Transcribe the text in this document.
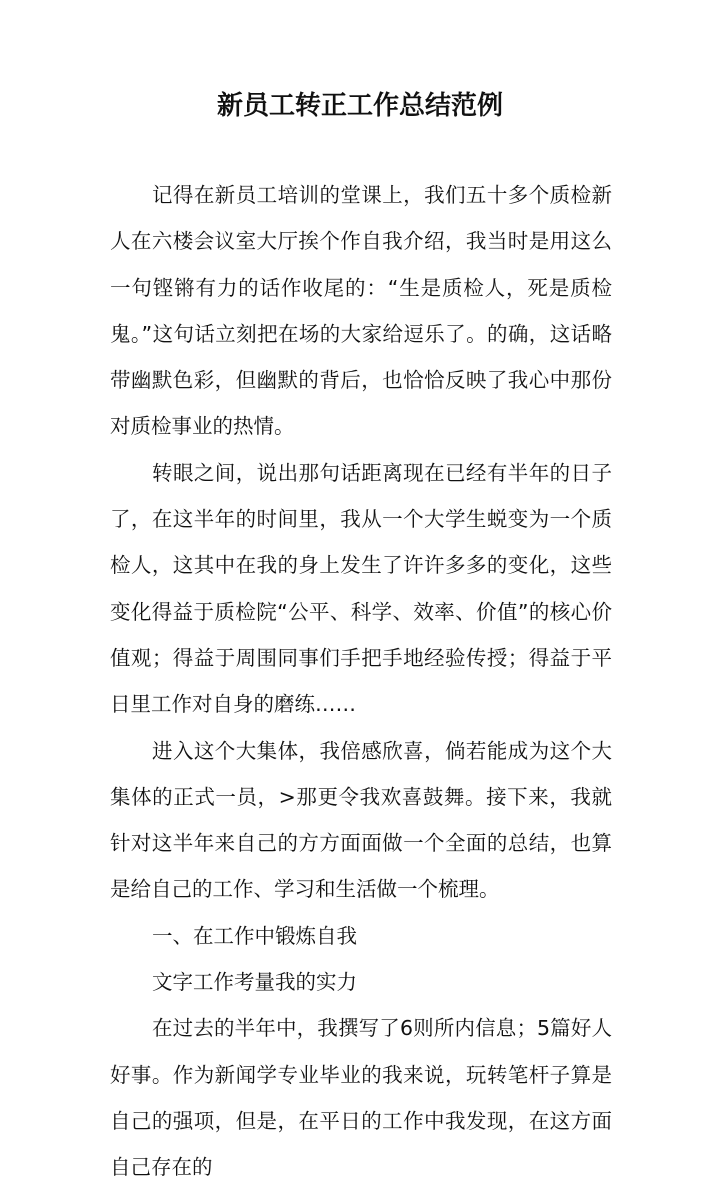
新员工转正工作总结范例

记得在新员工培训的堂课上，我们五十多个质检新人在六楼会议室大厅挨个作自我介绍，我当时是用这么一句铿锵有力的话作收尾的：“生是质检人，死是质检鬼。”这句话立刻把在场的大家给逗乐了。的确，这话略带幽默色彩，但幽默的背后，也恰恰反映了我心中那份对质检事业的热情。

转眼之间，说出那句话距离现在已经有半年的日子了，在这半年的时间里，我从一个大学生蜕变为一个质检人，这其中在我的身上发生了许许多多的变化，这些变化得益于质检院“公平、科学、效率、价值”的核心价值观；得益于周围同事们手把手地经验传授；得益于平日里工作对自身的磨练……

进入这个大集体，我倍感欣喜，倘若能成为这个大集体的正式一员，>那更令我欢喜鼓舞。接下来，我就针对这半年来自己的方方面面做一个全面的总结，也算是给自己的工作、学习和生活做一个梳理。

一、在工作中锻炼自我

文字工作考量我的实力

在过去的半年中，我撰写了6则所内信息；5篇好人好事。作为新闻学专业毕业的我来说，玩转笔杆子算是自己的强项，但是，在平日的工作中我发现，在这方面自己存在的
